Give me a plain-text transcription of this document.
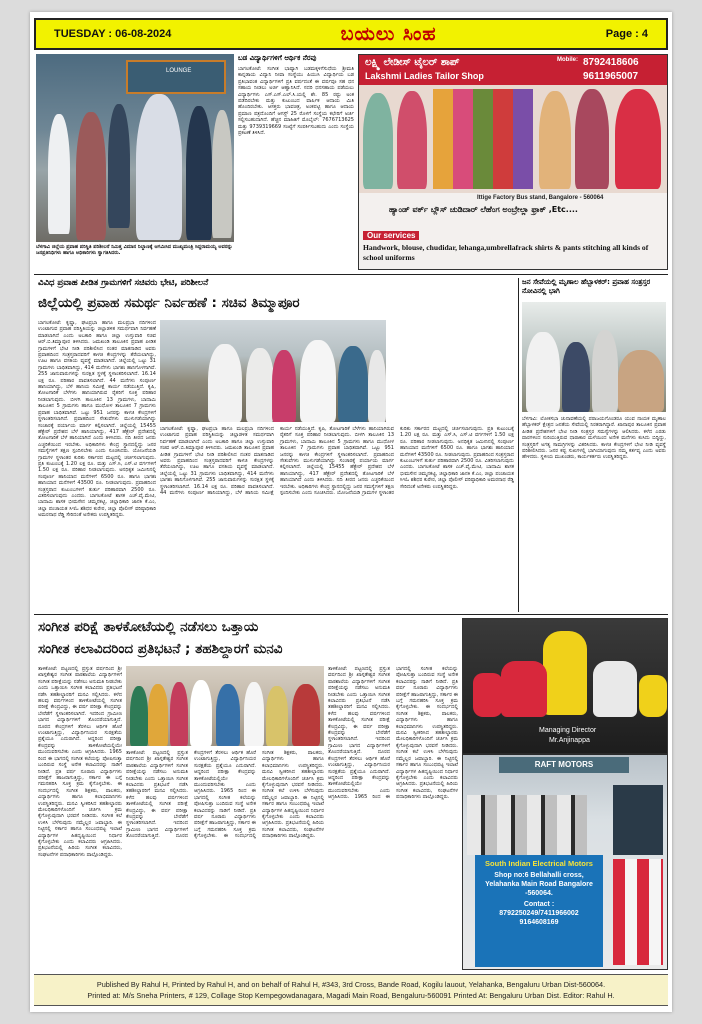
TUESDAY : 06-08-2024	ಬಯಲು ಸಿಂಹ	Page : 4
LOUNGE
ಬೆಳಗಾವಿ ಜಿಲ್ಲೆಯ ಪ್ರವಾಹ ಪರಿಸ್ಥಿತಿ ಪರಿಶೀಲನೆ ನಿಮಿತ್ತ ವಿಮಾನ ನಿಲ್ದಾಣಕ್ಕೆ ಆಗಮಿಸಿದ ಮುಖ್ಯಮಂತ್ರಿ ಸಿದ್ದರಾಮಯ್ಯ ಅವರನ್ನು ಜನಪ್ರತಿನಿಧಿಗಳು ಹಾಗೂ ಅಧಿಕಾರಿಗಳು ಸ್ವಾಗತಿಸಿದರು.
ಬಡ ವಿದ್ಯಾರ್ಥಿಗಳಿಗೆ ಆರ್ಥಿಕ ನೆರವು
ಬಾಗಲಕೋಟೆ: ಸಂಗೀತ ಭಾಷ್ಯಾಗಿ ಬಡಮಕ್ಕಳಿಗೆಸುಧೆಯ ಶ್ರೀಮತಿ ಕಾನ್ನಡಾಯ ವಿದ್ಯಾನಿ ನೀವಾ ಸಂಸ್ಥೆಯು ಪಿಯುಸಿ ವಿದ್ಯಾರ್ಥಿಯ ಬಡ ಪ್ರತಿಭಾವಂತ ವಿದ್ಯಾರ್ಥಿಗಳಿಗೆ ಪ್ರತಿ ವರ್ಷದಂತೆ ಈ ವರ್ಷವೂ ಸಹ ಧನ ಸಹಾಯ ನೀಡಲು ಅರ್ಜಿ ಆಹ್ವಾನಿಸಿದೆ. ಸದರಿ ಧನಸಹಾಯ ಪಡೆಯಲು ವಿದ್ಯಾರ್ಥಿಗಳು ಎಸ್.ಎಸ್.ಎಲ್.ಸಿ.ಯಲ್ಲಿ ಶೇ. 85 ರಷ್ಟು ಅಂಕ ಪಡೆದಿರಬೇಕು ಮತ್ತು ಕುಟುಂಬದ ವಾರ್ಷಿಕ ಆದಾಯ ಮಿತಿ ಹೊಂದಿರಬೇಕು. ಆಸಕ್ತರು ಭಾವಚಿತ್ರ, ಅಂಕಪಟ್ಟಿ ಹಾಗೂ ಆದಾಯ ಪ್ರಮಾಣ ಪತ್ರದೊಂದಿಗೆ ಆಗಸ್ಟ್ 25 ರೊಳಗೆ ಸಂಸ್ಥೆಯ ಕಛೇರಿಗೆ ಅರ್ಜಿ ಸಲ್ಲಿಸಬಹುದಾಗಿದೆ. ಹೆಚ್ಚಿನ ಮಾಹಿತಿಗೆ ಮೊಬೈಲ್: 7676713625 ಮತ್ತು 9739319669 ಸಂಖ್ಯೆಗೆ ಸಂಪರ್ಕಿಸಬಹುದು ಎಂದು ಸಂಸ್ಥೆಯ ಪ್ರಕಟಣೆ ತಿಳಿಸಿದೆ.
ಲಕ್ಷ್ಮಿ ಲೇಡೀಸ್ ಟೈಲರ್ ಶಾಪ್
Lakshmi Ladies Tailor Shop
Mobile: 8792418606
9611965007
Ittige Factory Bus stand, Bangalore - 560064
ಹ್ಯಾಂಡ್ ವರ್ಕ್ ಬ್ಲೌಸ್ ಚುಡಿದಾರ್ ಲೆಹೆಂಗ ಅಂಬ್ರೇಲ್ಲಾ ಫ್ರಾಕ್ ,Etc....
Our services
Handwork, blouse, chudidar, lehanga,umbrellafrack shirts & pants stitching all kinds of school uniforms
ವಿವಿಧ ಪ್ರವಾಹ ಪೀಡಿತ ಗ್ರಾಮಗಳಿಗೆ ಸಚಿವರು ಭೇಟಿ, ಪರಿಶೀಲನೆ
ಜಿಲ್ಲೆಯಲ್ಲಿ ಪ್ರವಾಹ ಸಮರ್ಥ ನಿರ್ವಹಣೆ : ಸಚಿವ ತಿಮ್ಮಾಪೂರ
ಬಾಗಲಕೋಟೆ: ಕೃಷ್ಣಾ, ಘಟಪ್ರಭಾ ಹಾಗೂ ಮಲಪ್ರಭಾ ನದಿಗಳಿಂದ ಉಂಟಾಗುವ ಪ್ರವಾಹ ಪರಿಸ್ಥಿತಿಯನ್ನು ಜಿಲ್ಲಾಡಳಿತ ಸಮರ್ಥವಾಗಿ ನಿರ್ವಹಣೆ ಮಾಡಲಾಗಿದೆ ಎಂದು ಅಬಕಾರಿ ಹಾಗೂ ಜಿಲ್ಲಾ ಉಸ್ತುವಾರಿ ಸಚಿವ ಆರ್.ಬಿ.ತಿಮ್ಮಾಪೂರ ತಿಳಿಸಿದರು. ಜಮಖಂಡಿ ತಾಲೂಕಿನ ಪ್ರವಾಹ ಪೀಡಿತ ಗ್ರಾಮಗಳಿಗೆ ಭೇಟಿ ನೀಡಿ ಪರಿಶೀಲಿಸಿದ ನಂತರ ಮಾತನಾಡಿದ ಅವರು ಪ್ರವಾಹದಿಂದ ಸಂತ್ರಸ್ತರಾದವರಿಗೆ ಕಾಳಜಿ ಕೇಂದ್ರಗಳನ್ನು ತೆರೆಯಲಾಗಿದ್ದು, ಊಟ ಹಾಗೂ ವಸತಿಯ ವ್ಯವಸ್ಥೆ ಮಾಡಲಾಗಿದೆ. ಜಿಲ್ಲೆಯಲ್ಲಿ ಒಟ್ಟು 31 ಗ್ರಾಮಗಳು ಬಾಧಿತವಾಗಿದ್ದು, 414 ಮನೆಗಳು ಭಾಗಶಃ ಹಾನಿಗೊಳಗಾಗಿವೆ. 255 ಜಾನುವಾರುಗಳನ್ನು ಸುರಕ್ಷಿತ ಸ್ಥಳಕ್ಕೆ ಸ್ಥಳಾಂತರಿಸಲಾಗಿದೆ. 16.14 ಲಕ್ಷ ರೂ. ಪರಿಹಾರ ಪಾವತಿಸಲಾಗಿದೆ. 44 ಮನೆಗಳು ಸಂಪೂರ್ಣ ಹಾನಿಯಾಗಿದ್ದು, ಬೆಳೆ ಹಾನಿಯ ಸಮೀಕ್ಷೆ ಕಾರ್ಯ ನಡೆಯುತ್ತಿದೆ. ಕೃಷಿ, ತೋಟಗಾರಿಕೆ ಬೆಳೆಗಳು ಹಾನಿಯಾಗಿರುವ ರೈತರಿಗೆ ಸೂಕ್ತ ಪರಿಹಾರ ನೀಡಲಾಗುವುದು. ಬೀಳಗಿ ತಾಲೂಕಿನ 13 ಗ್ರಾಮಗಳು, ಬಾದಾಮಿ ತಾಲೂಕಿನ 5 ಗ್ರಾಮಗಳು ಹಾಗೂ ಮುಧೋಳ ತಾಲೂಕಿನ 7 ಗ್ರಾಮಗಳು ಪ್ರವಾಹ ಬಾಧಿತವಾಗಿವೆ. ಒಟ್ಟು 951 ಜನರನ್ನು ಕಾಳಜಿ ಕೇಂದ್ರಗಳಿಗೆ ಸ್ಥಳಾಂತರಿಸಲಾಗಿದೆ. ಪ್ರವಾಹದಿಂದ ಸೇತುವೆಗಳು ಮುಳುಗಡೆಯಾಗಿದ್ದು ಸಂಚಾರಕ್ಕೆ ಪರ್ಯಾಯ ಮಾರ್ಗ ಕಲ್ಪಿಸಲಾಗಿದೆ. ಜಿಲ್ಲೆಯಲ್ಲಿ 15455 ಹೆಕ್ಟೇರ್ ಪ್ರದೇಶದ ಬೆಳೆ ಹಾನಿಯಾಗಿದ್ದು, 417 ಹೆಕ್ಟೇರ್ ಪ್ರದೇಶದಲ್ಲಿ ತೋಟಗಾರಿಕೆ ಬೆಳೆ ಹಾನಿಯಾಗಿದೆ ಎಂದು ತಿಳಿಸಿದರು. ನದಿ ತೀರದ ಜನರು ಎಚ್ಚರಿಕೆಯಿಂದ ಇರಬೇಕು. ಅಧಿಕಾರಿಗಳು ಕೇಂದ್ರ ಸ್ಥಾನದಲ್ಲಿದ್ದು ಜನರ ಸಮಸ್ಯೆಗಳಿಗೆ ತಕ್ಷಣ ಸ್ಪಂದಿಸಬೇಕು ಎಂದು ಸೂಚಿಸಿದರು. ಯೋಜನೆಯಡಿ ಗ್ರಾಮಗಳ ಸ್ಥಳಾಂತರ ಕುರಿತು ಸರ್ಕಾರದ ಮಟ್ಟದಲ್ಲಿ ಚರ್ಚಿಸಲಾಗುವುದು. ಪ್ರತಿ ಕುಟುಂಬಕ್ಕೆ 1.20 ಲಕ್ಷ ರೂ. ಮತ್ತು ಎಸ್.ಸಿ, ಎಸ್.ಟಿ ವರ್ಗಗಳಿಗೆ 1.50 ಲಕ್ಷ ರೂ. ಪರಿಹಾರ ನೀಡಲಾಗುವುದು. ಅನಧಿಕೃತ ಜಮೀನಿನಲ್ಲಿ ಸಂಪೂರ್ಣ ಹಾನಿಯಾದ ಮನೆಗಳಿಗೆ 6500 ರೂ. ಹಾಗೂ ಭಾಗಶಃ ಹಾನಿಯಾದ ಮನೆಗಳಿಗೆ 43500 ರೂ. ನೀಡಲಾಗುವುದು. ಪ್ರವಾಹದಿಂದ ಸಂತ್ರಸ್ತರಾದ ಕುಟುಂಬಗಳಿಗೆ ತುರ್ತು ಪರಿಹಾರವಾಗಿ 2500 ರೂ. ವಿತರಿಸಲಾಗುವುದು ಎಂದರು. ಬಾಗಲಕೋಟೆ ಶಾಸಕ ಎಚ್.ವೈ.ಮೇಟಿ, ಬಾದಾಮಿ ಶಾಸಕ ಭೀಮಸೇನ ಚಿಮ್ಮನಕಟ್ಟಿ, ಜಿಲ್ಲಾಧಿಕಾರಿ ಜಾನಕಿ ಕೆ.ಎಂ, ಜಿಲ್ಲಾ ಪಂಚಾಯತ ಸಿಇಓ ಶಶಿಧರ ಕುರೇರ, ಜಿಲ್ಲಾ ಪೊಲೀಸ್ ವರಿಷ್ಠಾಧಿಕಾರಿ ಅಮರನಾಥ ರೆಡ್ಡಿ ಸೇರಿದಂತೆ ಅನೇಕರು ಉಪಸ್ಥಿತರಿದ್ದರು.
ಬಾಗಲಕೋಟೆ: ಕೃಷ್ಣಾ, ಘಟಪ್ರಭಾ ಹಾಗೂ ಮಲಪ್ರಭಾ ನದಿಗಳಿಂದ ಉಂಟಾಗುವ ಪ್ರವಾಹ ಪರಿಸ್ಥಿತಿಯನ್ನು ಜಿಲ್ಲಾಡಳಿತ ಸಮರ್ಥವಾಗಿ ನಿರ್ವಹಣೆ ಮಾಡಲಾಗಿದೆ ಎಂದು ಅಬಕಾರಿ ಹಾಗೂ ಜಿಲ್ಲಾ ಉಸ್ತುವಾರಿ ಸಚಿವ ಆರ್.ಬಿ.ತಿಮ್ಮಾಪೂರ ತಿಳಿಸಿದರು. ಜಮಖಂಡಿ ತಾಲೂಕಿನ ಪ್ರವಾಹ ಪೀಡಿತ ಗ್ರಾಮಗಳಿಗೆ ಭೇಟಿ ನೀಡಿ ಪರಿಶೀಲಿಸಿದ ನಂತರ ಮಾತನಾಡಿದ ಅವರು ಪ್ರವಾಹದಿಂದ ಸಂತ್ರಸ್ತರಾದವರಿಗೆ ಕಾಳಜಿ ಕೇಂದ್ರಗಳನ್ನು ತೆರೆಯಲಾಗಿದ್ದು, ಊಟ ಹಾಗೂ ವಸತಿಯ ವ್ಯವಸ್ಥೆ ಮಾಡಲಾಗಿದೆ. ಜಿಲ್ಲೆಯಲ್ಲಿ ಒಟ್ಟು 31 ಗ್ರಾಮಗಳು ಬಾಧಿತವಾಗಿದ್ದು, 414 ಮನೆಗಳು ಭಾಗಶಃ ಹಾನಿಗೊಳಗಾಗಿವೆ. 255 ಜಾನುವಾರುಗಳನ್ನು ಸುರಕ್ಷಿತ ಸ್ಥಳಕ್ಕೆ ಸ್ಥಳಾಂತರಿಸಲಾಗಿದೆ. 16.14 ಲಕ್ಷ ರೂ. ಪರಿಹಾರ ಪಾವತಿಸಲಾಗಿದೆ. 44 ಮನೆಗಳು ಸಂಪೂರ್ಣ ಹಾನಿಯಾಗಿದ್ದು, ಬೆಳೆ ಹಾನಿಯ ಸಮೀಕ್ಷೆ ಕಾರ್ಯ ನಡೆಯುತ್ತಿದೆ. ಕೃಷಿ, ತೋಟಗಾರಿಕೆ ಬೆಳೆಗಳು ಹಾನಿಯಾಗಿರುವ ರೈತರಿಗೆ ಸೂಕ್ತ ಪರಿಹಾರ ನೀಡಲಾಗುವುದು. ಬೀಳಗಿ ತಾಲೂಕಿನ 13 ಗ್ರಾಮಗಳು, ಬಾದಾಮಿ ತಾಲೂಕಿನ 5 ಗ್ರಾಮಗಳು ಹಾಗೂ ಮುಧೋಳ ತಾಲೂಕಿನ 7 ಗ್ರಾಮಗಳು ಪ್ರವಾಹ ಬಾಧಿತವಾಗಿವೆ. ಒಟ್ಟು 951 ಜನರನ್ನು ಕಾಳಜಿ ಕೇಂದ್ರಗಳಿಗೆ ಸ್ಥಳಾಂತರಿಸಲಾಗಿದೆ. ಪ್ರವಾಹದಿಂದ ಸೇತುವೆಗಳು ಮುಳುಗಡೆಯಾಗಿದ್ದು ಸಂಚಾರಕ್ಕೆ ಪರ್ಯಾಯ ಮಾರ್ಗ ಕಲ್ಪಿಸಲಾಗಿದೆ. ಜಿಲ್ಲೆಯಲ್ಲಿ 15455 ಹೆಕ್ಟೇರ್ ಪ್ರದೇಶದ ಬೆಳೆ ಹಾನಿಯಾಗಿದ್ದು, 417 ಹೆಕ್ಟೇರ್ ಪ್ರದೇಶದಲ್ಲಿ ತೋಟಗಾರಿಕೆ ಬೆಳೆ ಹಾನಿಯಾಗಿದೆ ಎಂದು ತಿಳಿಸಿದರು. ನದಿ ತೀರದ ಜನರು ಎಚ್ಚರಿಕೆಯಿಂದ ಇರಬೇಕು. ಅಧಿಕಾರಿಗಳು ಕೇಂದ್ರ ಸ್ಥಾನದಲ್ಲಿದ್ದು ಜನರ ಸಮಸ್ಯೆಗಳಿಗೆ ತಕ್ಷಣ ಸ್ಪಂದಿಸಬೇಕು ಎಂದು ಸೂಚಿಸಿದರು. ಯೋಜನೆಯಡಿ ಗ್ರಾಮಗಳ ಸ್ಥಳಾಂತರ ಕುರಿತು ಸರ್ಕಾರದ ಮಟ್ಟದಲ್ಲಿ ಚರ್ಚಿಸಲಾಗುವುದು. ಪ್ರತಿ ಕುಟುಂಬಕ್ಕೆ 1.20 ಲಕ್ಷ ರೂ. ಮತ್ತು ಎಸ್.ಸಿ, ಎಸ್.ಟಿ ವರ್ಗಗಳಿಗೆ 1.50 ಲಕ್ಷ ರೂ. ಪರಿಹಾರ ನೀಡಲಾಗುವುದು. ಅನಧಿಕೃತ ಜಮೀನಿನಲ್ಲಿ ಸಂಪೂರ್ಣ ಹಾನಿಯಾದ ಮನೆಗಳಿಗೆ 6500 ರೂ. ಹಾಗೂ ಭಾಗಶಃ ಹಾನಿಯಾದ ಮನೆಗಳಿಗೆ 43500 ರೂ. ನೀಡಲಾಗುವುದು. ಪ್ರವಾಹದಿಂದ ಸಂತ್ರಸ್ತರಾದ ಕುಟುಂಬಗಳಿಗೆ ತುರ್ತು ಪರಿಹಾರವಾಗಿ 2500 ರೂ. ವಿತರಿಸಲಾಗುವುದು ಎಂದರು. ಬಾಗಲಕೋಟೆ ಶಾಸಕ ಎಚ್.ವೈ.ಮೇಟಿ, ಬಾದಾಮಿ ಶಾಸಕ ಭೀಮಸೇನ ಚಿಮ್ಮನಕಟ್ಟಿ, ಜಿಲ್ಲಾಧಿಕಾರಿ ಜಾನಕಿ ಕೆ.ಎಂ, ಜಿಲ್ಲಾ ಪಂಚಾಯತ ಸಿಇಓ ಶಶಿಧರ ಕುರೇರ, ಜಿಲ್ಲಾ ಪೊಲೀಸ್ ವರಿಷ್ಠಾಧಿಕಾರಿ ಅಮರನಾಥ ರೆಡ್ಡಿ ಸೇರಿದಂತೆ ಅನೇಕರು ಉಪಸ್ಥಿತರಿದ್ದರು.
ಜನ ಸೇವೆಯಲ್ಲಿ ಮೃಣಾಲ ಹೆಬ್ಬಾಳಕರ್: ಪ್ರವಾಹ ಸಂತ್ರಸ್ತರ ನೋವಿನಲ್ಲಿ ಭಾಗಿ
ಬೆಳಗಾವಿ: ಲೋಕಸಭಾ ಚುನಾವಣೆಯಲ್ಲಿ ಪರಾಜಯಗೊಂಡರೂ ಯುವ ನಾಯಕ ಮೃಣಾಲ ಹೆಬ್ಬಾಳಕರ್ ಕ್ಷೇತ್ರದ ಜನತೆಯ ಸೇವೆಯಲ್ಲಿ ನಿರತರಾಗಿದ್ದಾರೆ. ಖಾನಾಪುರ ತಾಲೂಕಿನ ಪ್ರವಾಹ ಪೀಡಿತ ಪ್ರದೇಶಗಳಿಗೆ ಭೇಟಿ ನೀಡಿ ಸಂತ್ರಸ್ತರ ಸಮಸ್ಯೆಗಳನ್ನು ಆಲಿಸಿದರು. ಕಳೆದ ಎರಡು ವಾರಗಳಿಂದ ಸುರಿಯುತ್ತಿರುವ ಧಾರಾಕಾರ ಮಳೆಯಿಂದ ಅನೇಕ ಮನೆಗಳು ಕುಸಿದು ಬಿದ್ದಿದ್ದು, ಸಂತ್ರಸ್ತರಿಗೆ ಅಗತ್ಯ ಸಾಮಗ್ರಿಗಳನ್ನು ವಿತರಿಸಿದರು. ಕಾಳಜಿ ಕೇಂದ್ರಗಳಿಗೆ ಭೇಟಿ ನೀಡಿ ವ್ಯವಸ್ಥೆ ಪರಿಶೀಲಿಸಿದರು. ಜನರ ಕಷ್ಟ ಸುಖಗಳಲ್ಲಿ ಭಾಗಿಯಾಗುವುದು ನಮ್ಮ ಕರ್ತವ್ಯ ಎಂದು ಅವರು ಹೇಳಿದರು. ಸ್ಥಳೀಯ ಮುಖಂಡರು, ಕಾರ್ಯಕರ್ತರು ಉಪಸ್ಥಿತರಿದ್ದರು.
ಸಂಗೀತ ಪರಿಕ್ಷೆ ತಾಳಕೋಟೆಯಲ್ಲಿ ನಡೆಸಲು ಒತ್ತಾಯ
ಸಂಗೀತ ಕಲಾವಿದರಿಂದ ಪ್ರತಿಭಟನೆ ; ತಹಶಿಲ್ದಾರಗೆ ಮನವಿ
ತಾಳಿಕೋಟೆ: ಪಟ್ಟಣದಲ್ಲಿ ಪ್ರಸ್ತುತ ವರ್ಷದಿಂದ ಶ್ರೀ ಖಾಸ್ಗತೇಶ್ವರ ಸಂಗೀತ ಪಾಠಶಾಲೆಯ ವಿದ್ಯಾರ್ಥಿಗಳಿಗೆ ಸಂಗೀತ ಪರೀಕ್ಷೆಯನ್ನು ನಡೆಸಲು ಅನುಮತಿ ನೀಡಬೇಕು ಎಂದು ಒತ್ತಾಯಿಸಿ ಸಂಗೀತ ಕಲಾವಿದರು ಪ್ರತಿಭಟನೆ ನಡೆಸಿ ತಹಶೀಲ್ದಾರರಿಗೆ ಮನವಿ ಸಲ್ಲಿಸಿದರು. ಕಳೆದ ಹಲವು ವರ್ಷಗಳಿಂದ ತಾಳಿಕೋಟೆಯಲ್ಲಿ ಸಂಗೀತ ಪರೀಕ್ಷೆ ಕೇಂದ್ರವಿದ್ದು, ಈ ವರ್ಷ ಪರೀಕ್ಷಾ ಕೇಂದ್ರವನ್ನು ಬೇರೆಡೆಗೆ ಸ್ಥಳಾಂತರಿಸಲಾಗಿದೆ. ಇದರಿಂದ ಗ್ರಾಮೀಣ ಭಾಗದ ವಿದ್ಯಾರ್ಥಿಗಳಿಗೆ ತೊಂದರೆಯಾಗುತ್ತಿದೆ. ದೂರದ ಕೇಂದ್ರಗಳಿಗೆ ತೆರಳಲು ಆರ್ಥಿಕ ಹೊರೆ ಉಂಟಾಗುತ್ತಿದ್ದು, ವಿದ್ಯಾರ್ಥಿನಿಯರ ಸುರಕ್ಷತೆಯ ಪ್ರಶ್ನೆಯೂ ಎದುರಾಗಿದೆ. ಆದ್ದರಿಂದ ಪರೀಕ್ಷಾ ಕೇಂದ್ರವನ್ನು ತಾಳಿಕೋಟೆಯಲ್ಲಿಯೇ ಮುಂದುವರಿಸಬೇಕು ಎಂದು ಆಗ್ರಹಿಸಿದರು. 1965 ರಿಂದ ಈ ಭಾಗದಲ್ಲಿ ಸಂಗೀತ ಕಲೆಯನ್ನು ಪೋಷಿಸುತ್ತಾ ಬಂದಿರುವ ಸಂಸ್ಥೆ ಅನೇಕ ಕಲಾವಿದರನ್ನು ನಾಡಿಗೆ ನೀಡಿದೆ. ಪ್ರತಿ ವರ್ಷ ನೂರಾರು ವಿದ್ಯಾರ್ಥಿಗಳು ಪರೀಕ್ಷೆಗೆ ಹಾಜರಾಗುತ್ತಿದ್ದು, ಸರ್ಕಾರ ಈ ಬಗ್ಗೆ ಗಮನಹರಿಸಿ ಸೂಕ್ತ ಕ್ರಮ ಕೈಗೊಳ್ಳಬೇಕು. ಈ ಸಂದರ್ಭದಲ್ಲಿ ಸಂಗೀತ ಶಿಕ್ಷಕರು, ಪಾಲಕರು, ವಿದ್ಯಾರ್ಥಿಗಳು ಹಾಗೂ ಕಲಾಭಿಮಾನಿಗಳು ಉಪಸ್ಥಿತರಿದ್ದರು. ಮನವಿ ಸ್ವೀಕರಿಸಿದ ತಹಶೀಲ್ದಾರರು ಮೇಲಧಿಕಾರಿಗಳೊಂದಿಗೆ ಚರ್ಚಿಸಿ ಕ್ರಮ ಕೈಗೊಳ್ಳುವುದಾಗಿ ಭರವಸೆ ನೀಡಿದರು. ಸಂಗೀತ ಕಲೆ ಉಳಿಸಿ ಬೆಳೆಸುವುದು ನಮ್ಮೆಲ್ಲರ ಜವಾಬ್ದಾರಿ. ಈ ನಿಟ್ಟಿನಲ್ಲಿ ಸರ್ಕಾರ ಹಾಗೂ ಸಂಬಂಧಪಟ್ಟ ಇಲಾಖೆ ವಿದ್ಯಾರ್ಥಿಗಳ ಹಿತದೃಷ್ಟಿಯಿಂದ ನಿರ್ಧಾರ ಕೈಗೊಳ್ಳಬೇಕು ಎಂದು ಕಲಾವಿದರು ಆಗ್ರಹಿಸಿದರು. ಪ್ರತಿಭಟನೆಯಲ್ಲಿ ಹಿರಿಯ ಸಂಗೀತ ಕಲಾವಿದರು, ಸಂಘಟನೆಗಳ ಪದಾಧಿಕಾರಿಗಳು ಪಾಲ್ಗೊಂಡಿದ್ದರು.
ತಾಳಿಕೋಟೆ: ಪಟ್ಟಣದಲ್ಲಿ ಪ್ರಸ್ತುತ ವರ್ಷದಿಂದ ಶ್ರೀ ಖಾಸ್ಗತೇಶ್ವರ ಸಂಗೀತ ಪಾಠಶಾಲೆಯ ವಿದ್ಯಾರ್ಥಿಗಳಿಗೆ ಸಂಗೀತ ಪರೀಕ್ಷೆಯನ್ನು ನಡೆಸಲು ಅನುಮತಿ ನೀಡಬೇಕು ಎಂದು ಒತ್ತಾಯಿಸಿ ಸಂಗೀತ ಕಲಾವಿದರು ಪ್ರತಿಭಟನೆ ನಡೆಸಿ ತಹಶೀಲ್ದಾರರಿಗೆ ಮನವಿ ಸಲ್ಲಿಸಿದರು. ಕಳೆದ ಹಲವು ವರ್ಷಗಳಿಂದ ತಾಳಿಕೋಟೆಯಲ್ಲಿ ಸಂಗೀತ ಪರೀಕ್ಷೆ ಕೇಂದ್ರವಿದ್ದು, ಈ ವರ್ಷ ಪರೀಕ್ಷಾ ಕೇಂದ್ರವನ್ನು ಬೇರೆಡೆಗೆ ಸ್ಥಳಾಂತರಿಸಲಾಗಿದೆ. ಇದರಿಂದ ಗ್ರಾಮೀಣ ಭಾಗದ ವಿದ್ಯಾರ್ಥಿಗಳಿಗೆ ತೊಂದರೆಯಾಗುತ್ತಿದೆ. ದೂರದ ಕೇಂದ್ರಗಳಿಗೆ ತೆರಳಲು ಆರ್ಥಿಕ ಹೊರೆ ಉಂಟಾಗುತ್ತಿದ್ದು, ವಿದ್ಯಾರ್ಥಿನಿಯರ ಸುರಕ್ಷತೆಯ ಪ್ರಶ್ನೆಯೂ ಎದುರಾಗಿದೆ. ಆದ್ದರಿಂದ ಪರೀಕ್ಷಾ ಕೇಂದ್ರವನ್ನು ತಾಳಿಕೋಟೆಯಲ್ಲಿಯೇ ಮುಂದುವರಿಸಬೇಕು ಎಂದು ಆಗ್ರಹಿಸಿದರು. 1965 ರಿಂದ ಈ ಭಾಗದಲ್ಲಿ ಸಂಗೀತ ಕಲೆಯನ್ನು ಪೋಷಿಸುತ್ತಾ ಬಂದಿರುವ ಸಂಸ್ಥೆ ಅನೇಕ ಕಲಾವಿದರನ್ನು ನಾಡಿಗೆ ನೀಡಿದೆ. ಪ್ರತಿ ವರ್ಷ ನೂರಾರು ವಿದ್ಯಾರ್ಥಿಗಳು ಪರೀಕ್ಷೆಗೆ ಹಾಜರಾಗುತ್ತಿದ್ದು, ಸರ್ಕಾರ ಈ ಬಗ್ಗೆ ಗಮನಹರಿಸಿ ಸೂಕ್ತ ಕ್ರಮ ಕೈಗೊಳ್ಳಬೇಕು. ಈ ಸಂದರ್ಭದಲ್ಲಿ ಸಂಗೀತ ಶಿಕ್ಷಕರು, ಪಾಲಕರು, ವಿದ್ಯಾರ್ಥಿಗಳು ಹಾಗೂ ಕಲಾಭಿಮಾನಿಗಳು ಉಪಸ್ಥಿತರಿದ್ದರು. ಮನವಿ ಸ್ವೀಕರಿಸಿದ ತಹಶೀಲ್ದಾರರು ಮೇಲಧಿಕಾರಿಗಳೊಂದಿಗೆ ಚರ್ಚಿಸಿ ಕ್ರಮ ಕೈಗೊಳ್ಳುವುದಾಗಿ ಭರವಸೆ ನೀಡಿದರು. ಸಂಗೀತ ಕಲೆ ಉಳಿಸಿ ಬೆಳೆಸುವುದು ನಮ್ಮೆಲ್ಲರ ಜವಾಬ್ದಾರಿ. ಈ ನಿಟ್ಟಿನಲ್ಲಿ ಸರ್ಕಾರ ಹಾಗೂ ಸಂಬಂಧಪಟ್ಟ ಇಲಾಖೆ ವಿದ್ಯಾರ್ಥಿಗಳ ಹಿತದೃಷ್ಟಿಯಿಂದ ನಿರ್ಧಾರ ಕೈಗೊಳ್ಳಬೇಕು ಎಂದು ಕಲಾವಿದರು ಆಗ್ರಹಿಸಿದರು. ಪ್ರತಿಭಟನೆಯಲ್ಲಿ ಹಿರಿಯ ಸಂಗೀತ ಕಲಾವಿದರು, ಸಂಘಟನೆಗಳ ಪದಾಧಿಕಾರಿಗಳು ಪಾಲ್ಗೊಂಡಿದ್ದರು.
ತಾಳಿಕೋಟೆ: ಪಟ್ಟಣದಲ್ಲಿ ಪ್ರಸ್ತುತ ವರ್ಷದಿಂದ ಶ್ರೀ ಖಾಸ್ಗತೇಶ್ವರ ಸಂಗೀತ ಪಾಠಶಾಲೆಯ ವಿದ್ಯಾರ್ಥಿಗಳಿಗೆ ಸಂಗೀತ ಪರೀಕ್ಷೆಯನ್ನು ನಡೆಸಲು ಅನುಮತಿ ನೀಡಬೇಕು ಎಂದು ಒತ್ತಾಯಿಸಿ ಸಂಗೀತ ಕಲಾವಿದರು ಪ್ರತಿಭಟನೆ ನಡೆಸಿ ತಹಶೀಲ್ದಾರರಿಗೆ ಮನವಿ ಸಲ್ಲಿಸಿದರು. ಕಳೆದ ಹಲವು ವರ್ಷಗಳಿಂದ ತಾಳಿಕೋಟೆಯಲ್ಲಿ ಸಂಗೀತ ಪರೀಕ್ಷೆ ಕೇಂದ್ರವಿದ್ದು, ಈ ವರ್ಷ ಪರೀಕ್ಷಾ ಕೇಂದ್ರವನ್ನು ಬೇರೆಡೆಗೆ ಸ್ಥಳಾಂತರಿಸಲಾಗಿದೆ. ಇದರಿಂದ ಗ್ರಾಮೀಣ ಭಾಗದ ವಿದ್ಯಾರ್ಥಿಗಳಿಗೆ ತೊಂದರೆಯಾಗುತ್ತಿದೆ. ದೂರದ ಕೇಂದ್ರಗಳಿಗೆ ತೆರಳಲು ಆರ್ಥಿಕ ಹೊರೆ ಉಂಟಾಗುತ್ತಿದ್ದು, ವಿದ್ಯಾರ್ಥಿನಿಯರ ಸುರಕ್ಷತೆಯ ಪ್ರಶ್ನೆಯೂ ಎದುರಾಗಿದೆ. ಆದ್ದರಿಂದ ಪರೀಕ್ಷಾ ಕೇಂದ್ರವನ್ನು ತಾಳಿಕೋಟೆಯಲ್ಲಿಯೇ ಮುಂದುವರಿಸಬೇಕು ಎಂದು ಆಗ್ರಹಿಸಿದರು. 1965 ರಿಂದ ಈ ಭಾಗದಲ್ಲಿ ಸಂಗೀತ ಕಲೆಯನ್ನು ಪೋಷಿಸುತ್ತಾ ಬಂದಿರುವ ಸಂಸ್ಥೆ ಅನೇಕ ಕಲಾವಿದರನ್ನು ನಾಡಿಗೆ ನೀಡಿದೆ. ಪ್ರತಿ ವರ್ಷ ನೂರಾರು ವಿದ್ಯಾರ್ಥಿಗಳು ಪರೀಕ್ಷೆಗೆ ಹಾಜರಾಗುತ್ತಿದ್ದು, ಸರ್ಕಾರ ಈ ಬಗ್ಗೆ ಗಮನಹರಿಸಿ ಸೂಕ್ತ ಕ್ರಮ ಕೈಗೊಳ್ಳಬೇಕು. ಈ ಸಂದರ್ಭದಲ್ಲಿ ಸಂಗೀತ ಶಿಕ್ಷಕರು, ಪಾಲಕರು, ವಿದ್ಯಾರ್ಥಿಗಳು ಹಾಗೂ ಕಲಾಭಿಮಾನಿಗಳು ಉಪಸ್ಥಿತರಿದ್ದರು. ಮನವಿ ಸ್ವೀಕರಿಸಿದ ತಹಶೀಲ್ದಾರರು ಮೇಲಧಿಕಾರಿಗಳೊಂದಿಗೆ ಚರ್ಚಿಸಿ ಕ್ರಮ ಕೈಗೊಳ್ಳುವುದಾಗಿ ಭರವಸೆ ನೀಡಿದರು. ಸಂಗೀತ ಕಲೆ ಉಳಿಸಿ ಬೆಳೆಸುವುದು ನಮ್ಮೆಲ್ಲರ ಜವಾಬ್ದಾರಿ. ಈ ನಿಟ್ಟಿನಲ್ಲಿ ಸರ್ಕಾರ ಹಾಗೂ ಸಂಬಂಧಪಟ್ಟ ಇಲಾಖೆ ವಿದ್ಯಾರ್ಥಿಗಳ ಹಿತದೃಷ್ಟಿಯಿಂದ ನಿರ್ಧಾರ ಕೈಗೊಳ್ಳಬೇಕು ಎಂದು ಕಲಾವಿದರು ಆಗ್ರಹಿಸಿದರು. ಪ್ರತಿಭಟನೆಯಲ್ಲಿ ಹಿರಿಯ ಸಂಗೀತ ಕಲಾವಿದರು, ಸಂಘಟನೆಗಳ ಪದಾಧಿಕಾರಿಗಳು ಪಾಲ್ಗೊಂಡಿದ್ದರು.
Managing Director
Mr.Anjinappa
RAFT MOTORS
South Indian Electrical Motors
Shop no:6 Bellahalli cross, Yelahanka Main Road Bangalore -560064.
Contact :
8792250249/7411966002
9164608169
Published By Rahul H, Printed by Rahul H, and on behalf of Rahul H, #343, 3rd Cross, Bande Road, Kogilu lauout, Yelahanka, Bengaluru Urban Dist-560064.
Printed at: M/s Sneha Printers, # 129, Collage Stop Kempegowdanagara, Magadi Main Road, Bengaluru-560091 Printed At: Bengaluru Urban Dist. Editor: Rahul H.
